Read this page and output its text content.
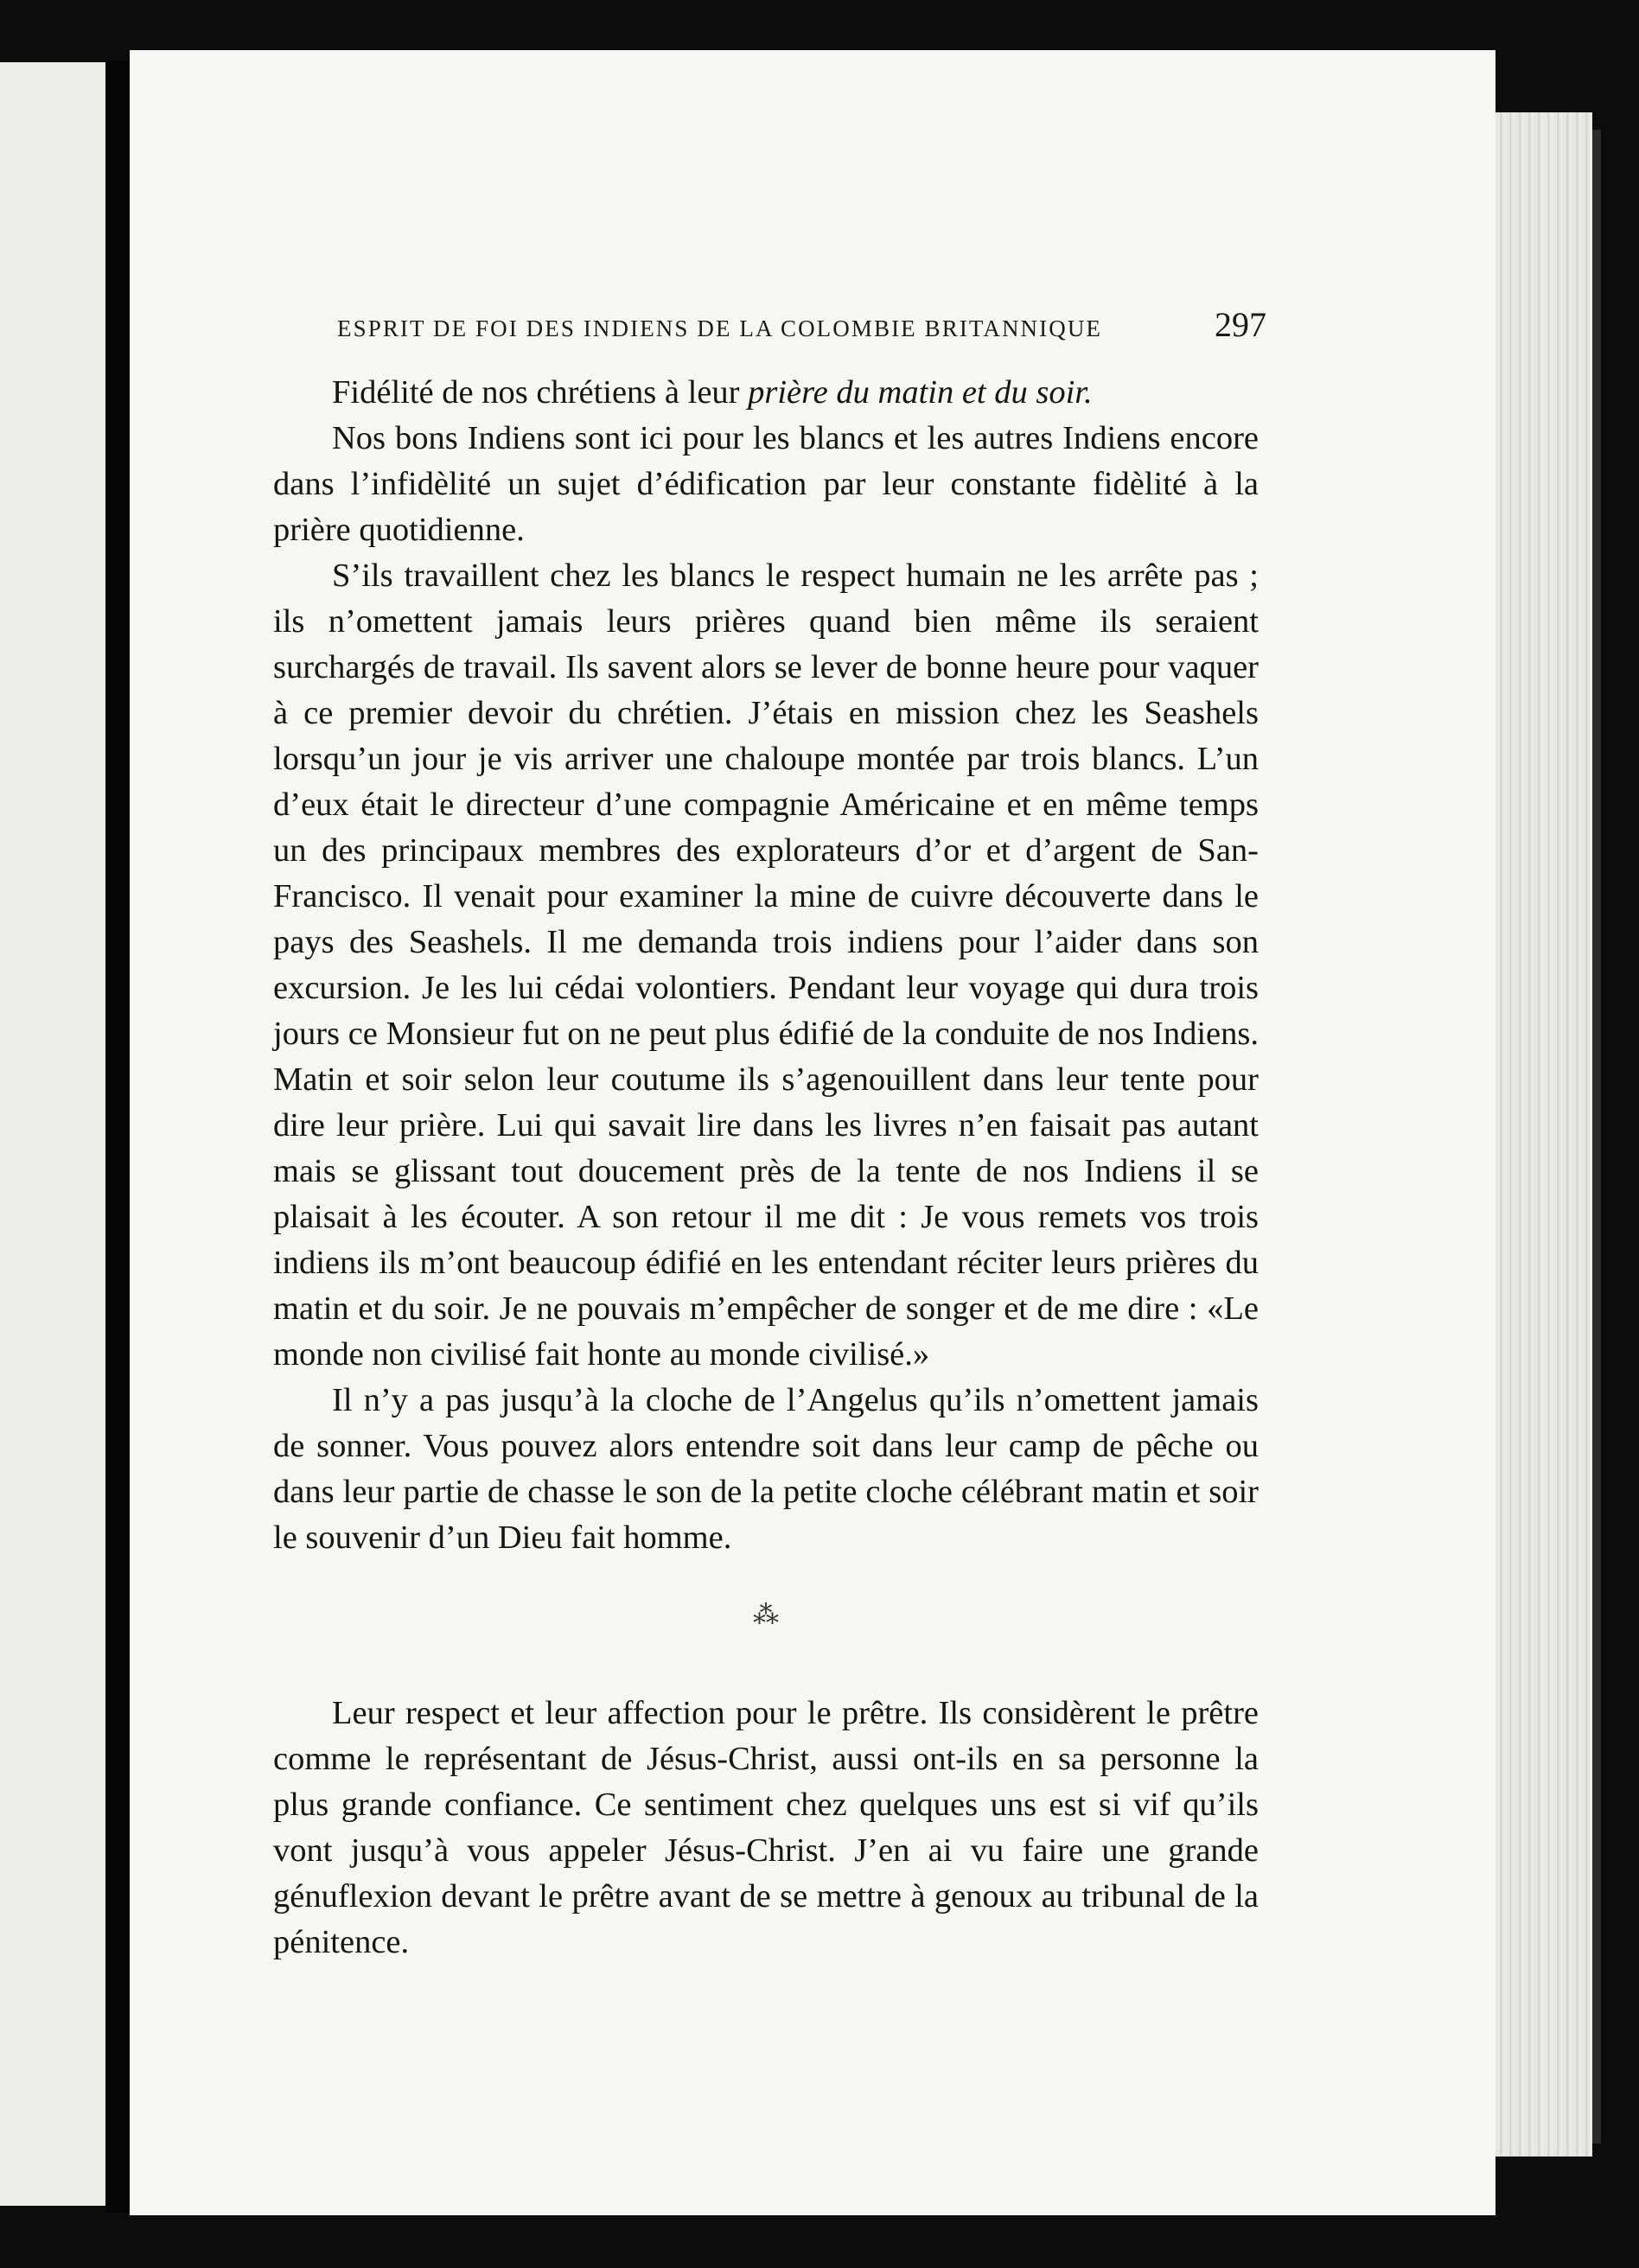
ESPRIT DE FOI DES INDIENS DE LA COLOMBIE BRITANNIQUE	297

Fidélité de nos chrétiens à leur prière du matin et du soir.

Nos bons Indiens sont ici pour les blancs et les autres Indiens encore dans l’infidèlité un sujet d’édification par leur constante fidèlité à la prière quotidienne.

S’ils travaillent chez les blancs le respect humain ne les arrête pas ; ils n’omettent jamais leurs prières quand bien même ils seraient surchargés de travail. Ils savent alors se lever de bonne heure pour vaquer à ce premier devoir du chrétien. J’étais en mission chez les Seashels lorsqu’un jour je vis arriver une chaloupe montée par trois blancs. L’un d’eux était le directeur d’une compagnie Américaine et en même temps un des principaux membres des explorateurs d’or et d’argent de San-Francisco. Il venait pour examiner la mine de cuivre découverte dans le pays des Seashels. Il me demanda trois indiens pour l’aider dans son excursion. Je les lui cédai volontiers. Pendant leur voyage qui dura trois jours ce Monsieur fut on ne peut plus édifié de la conduite de nos Indiens. Matin et soir selon leur coutume ils s’agenouillent dans leur tente pour dire leur prière. Lui qui savait lire dans les livres n’en faisait pas autant mais se glissant tout doucement près de la tente de nos Indiens il se plaisait à les écouter. A son retour il me dit : Je vous remets vos trois indiens ils m’ont beaucoup édifié en les entendant réciter leurs prières du matin et du soir. Je ne pouvais m’empêcher de songer et de me dire : «Le monde non civilisé fait honte au monde civilisé.»

Il n’y a pas jusqu’à la cloche de l’Angelus qu’ils n’omettent jamais de sonner. Vous pouvez alors entendre soit dans leur camp de pêche ou dans leur partie de chasse le son de la petite cloche célébrant matin et soir le souvenir d’un Dieu fait homme.

⁂

Leur respect et leur affection pour le prêtre. Ils considèrent le prêtre comme le représentant de Jésus-Christ, aussi ont-ils en sa personne la plus grande confiance. Ce sentiment chez quelques uns est si vif qu’ils vont jusqu’à vous appeler Jésus-Christ. J’en ai vu faire une grande génuflexion devant le prêtre avant de se mettre à genoux au tribunal de la pénitence.
